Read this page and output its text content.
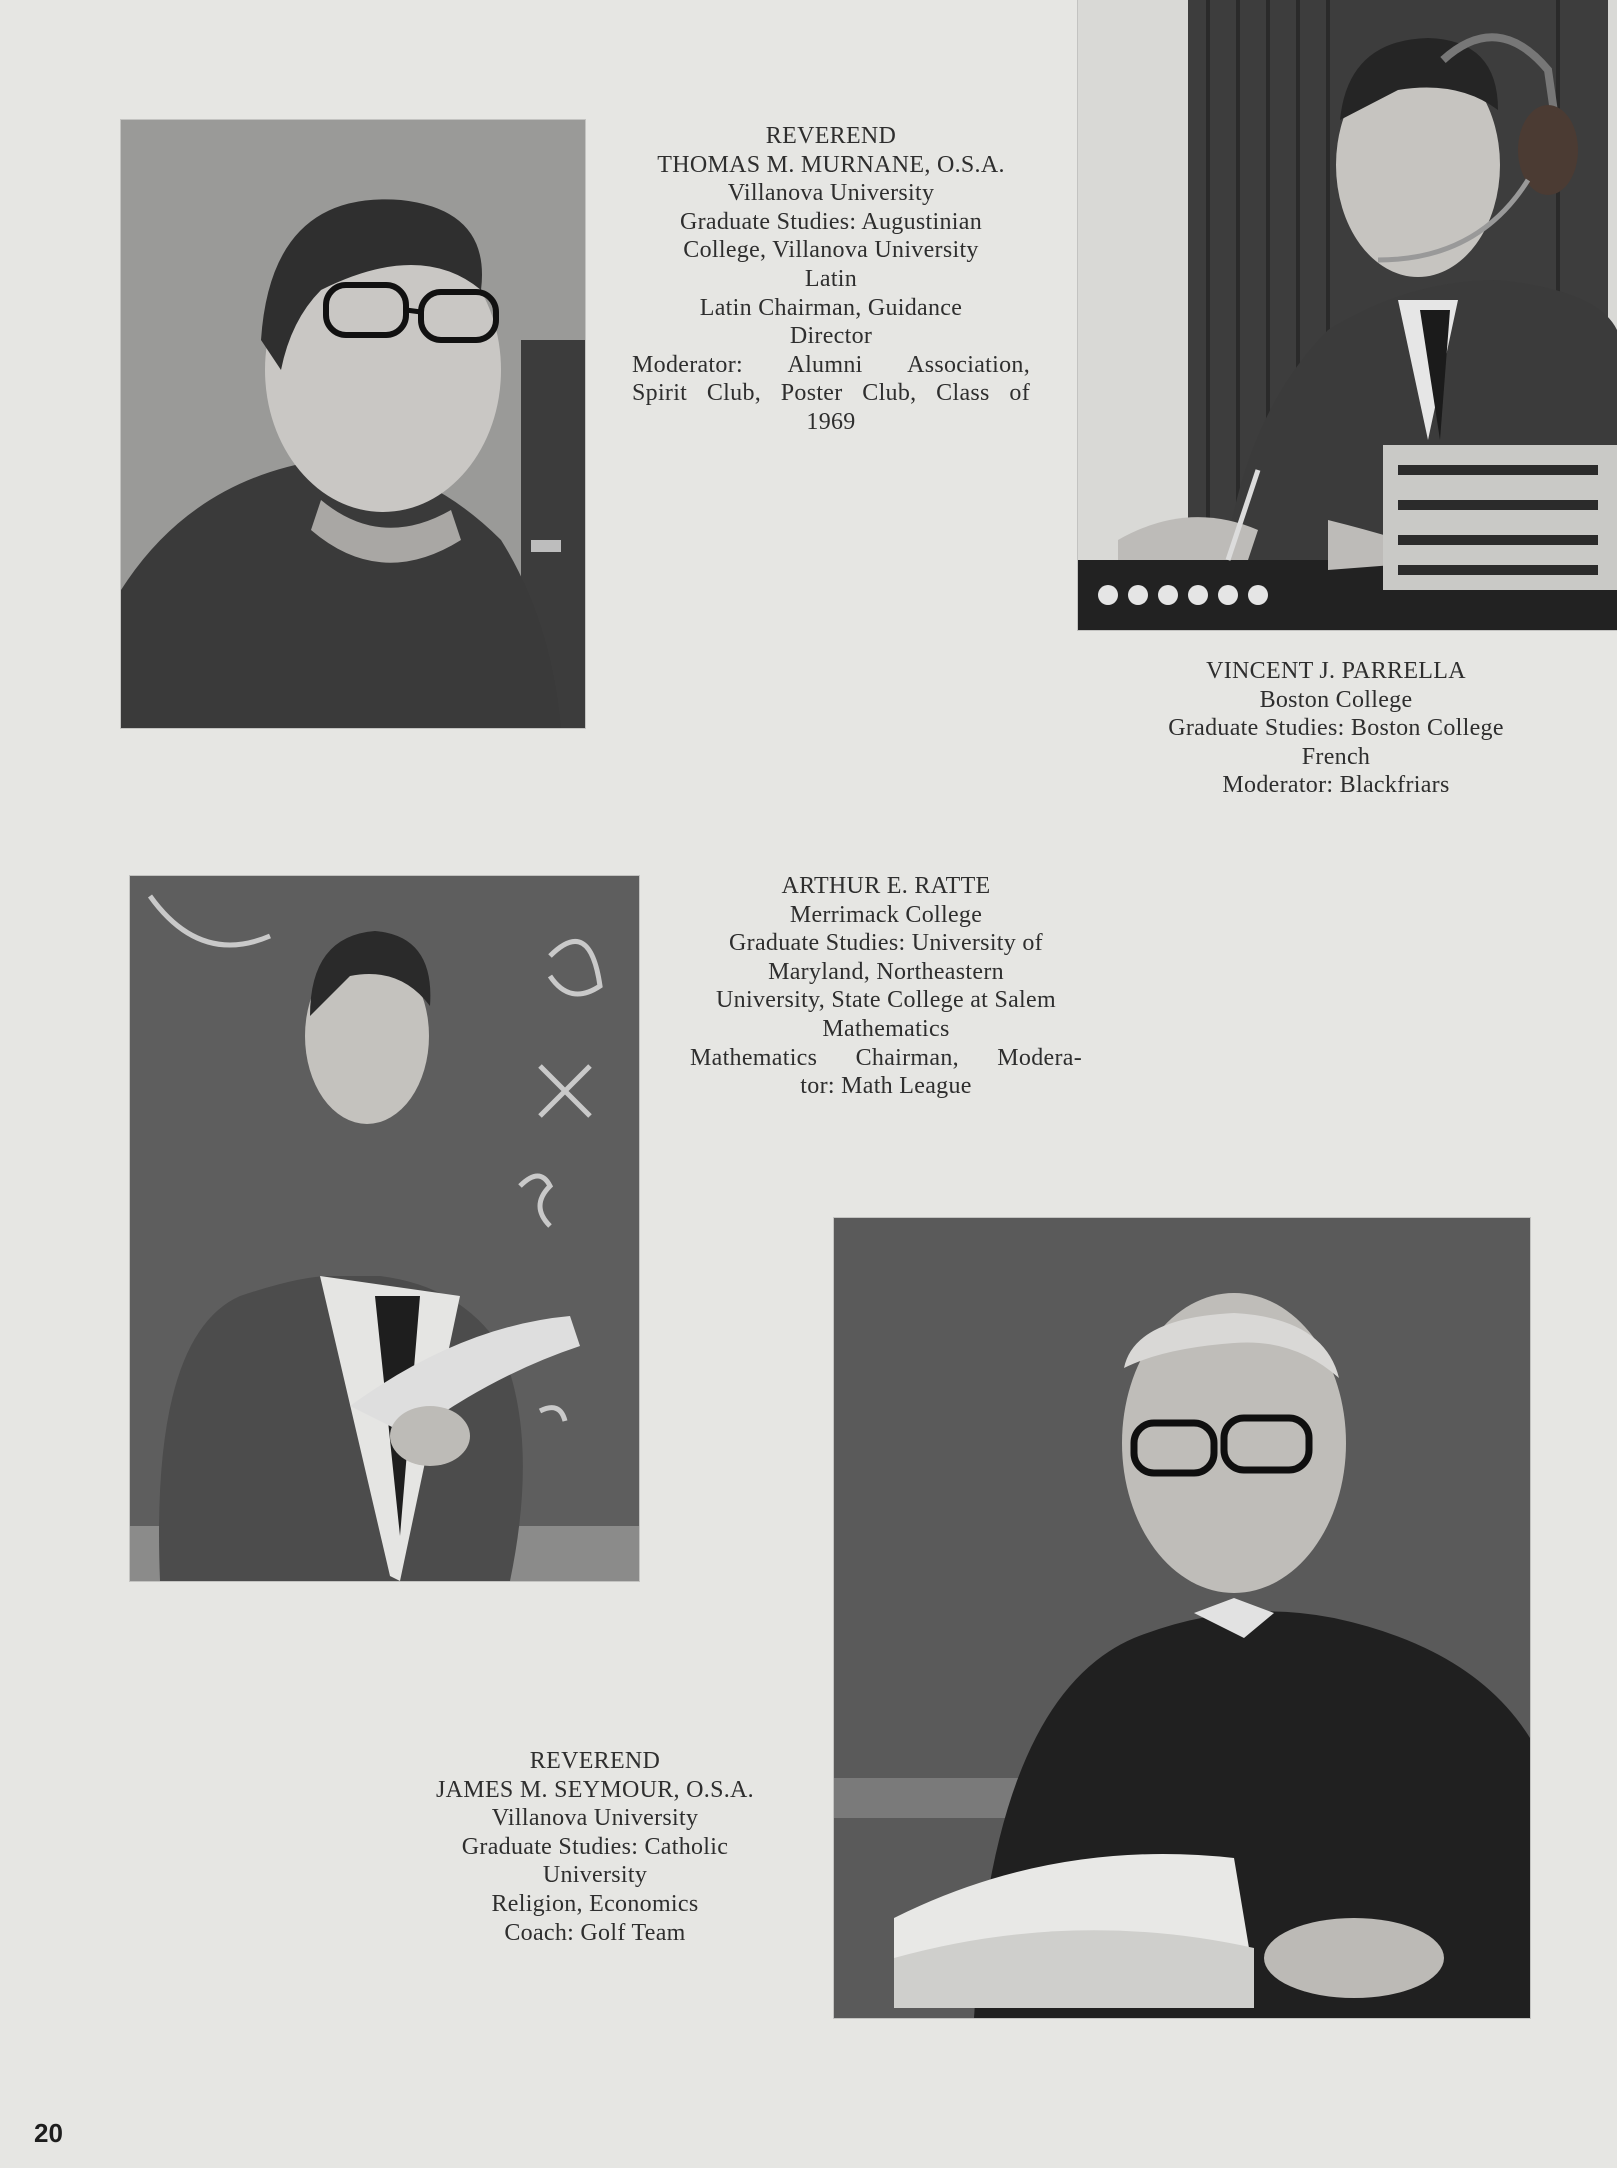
REVEREND
THOMAS M. MURNANE, O.S.A.
Villanova University
Graduate Studies: Augustinian
College, Villanova University
Latin
Latin Chairman, Guidance
Director
Moderator: Alumni Association,
Spirit Club, Poster Club, Class of
1969
VINCENT J. PARRELLA
Boston College
Graduate Studies: Boston College
French
Moderator: Blackfriars
ARTHUR E. RATTE
Merrimack College
Graduate Studies: University of
Maryland, Northeastern
University, State College at Salem
Mathematics
Mathematics Chairman, Modera-
tor: Math League
REVEREND
JAMES M. SEYMOUR, O.S.A.
Villanova University
Graduate Studies: Catholic
University
Religion, Economics
Coach: Golf Team
20
